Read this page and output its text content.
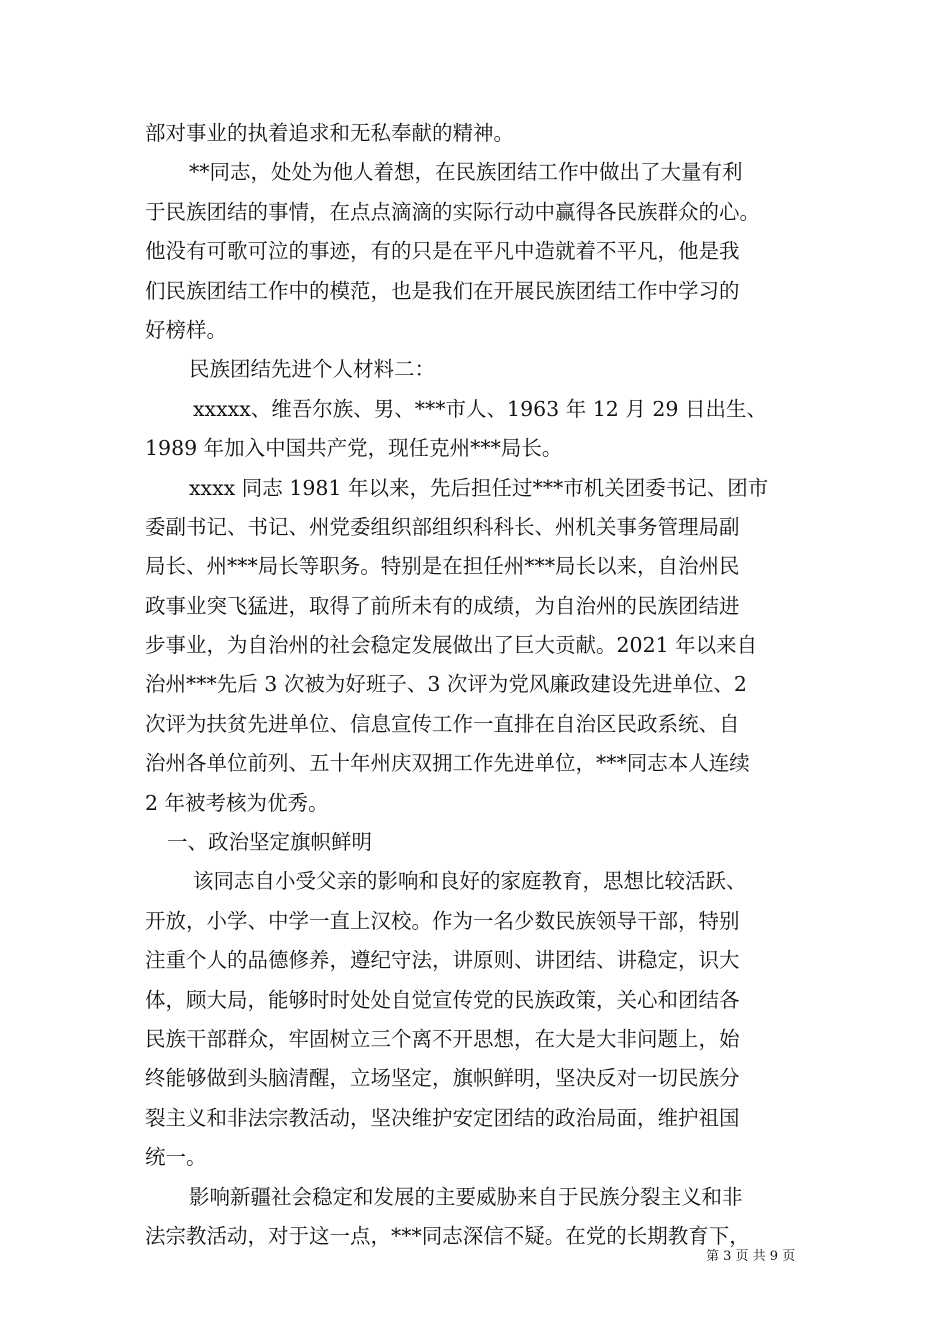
部对事业的执着追求和无私奉献的精神。
**同志，处处为他人着想，在民族团结工作中做出了大量有利
于民族团结的事情，在点点滴滴的实际行动中赢得各民族群众的心。
他没有可歌可泣的事迹，有的只是在平凡中造就着不平凡，他是我
们民族团结工作中的模范，也是我们在开展民族团结工作中学习的
好榜样。
民族团结先进个人材料二：
xxxxx、维吾尔族、男、***市人、1963 年 12 月 29 日出生、
1989 年加入中国共产党，现任克州***局长。
xxxx 同志 1981 年以来，先后担任过***市机关团委书记、团市
委副书记、书记、州党委组织部组织科科长、州机关事务管理局副
局长、州***局长等职务。特别是在担任州***局长以来，自治州民
政事业突飞猛进，取得了前所未有的成绩，为自治州的民族团结进
步事业，为自治州的社会稳定发展做出了巨大贡献。2021 年以来自
治州***先后 3 次被为好班子、3 次评为党风廉政建设先进单位、2
次评为扶贫先进单位、信息宣传工作一直排在自治区民政系统、自
治州各单位前列、五十年州庆双拥工作先进单位，***同志本人连续
2 年被考核为优秀。
一、政治坚定旗帜鲜明
该同志自小受父亲的影响和良好的家庭教育，思想比较活跃、
开放，小学、中学一直上汉校。作为一名少数民族领导干部，特别
注重个人的品德修养，遵纪守法，讲原则、讲团结、讲稳定，识大
体，顾大局，能够时时处处自觉宣传党的民族政策，关心和团结各
民族干部群众，牢固树立三个离不开思想，在大是大非问题上，始
终能够做到头脑清醒，立场坚定，旗帜鲜明，坚决反对一切民族分
裂主义和非法宗教活动，坚决维护安定团结的政治局面，维护祖国
统一。
影响新疆社会稳定和发展的主要威胁来自于民族分裂主义和非
法宗教活动，对于这一点，***同志深信不疑。在党的长期教育下，
第 3 页 共 9 页
